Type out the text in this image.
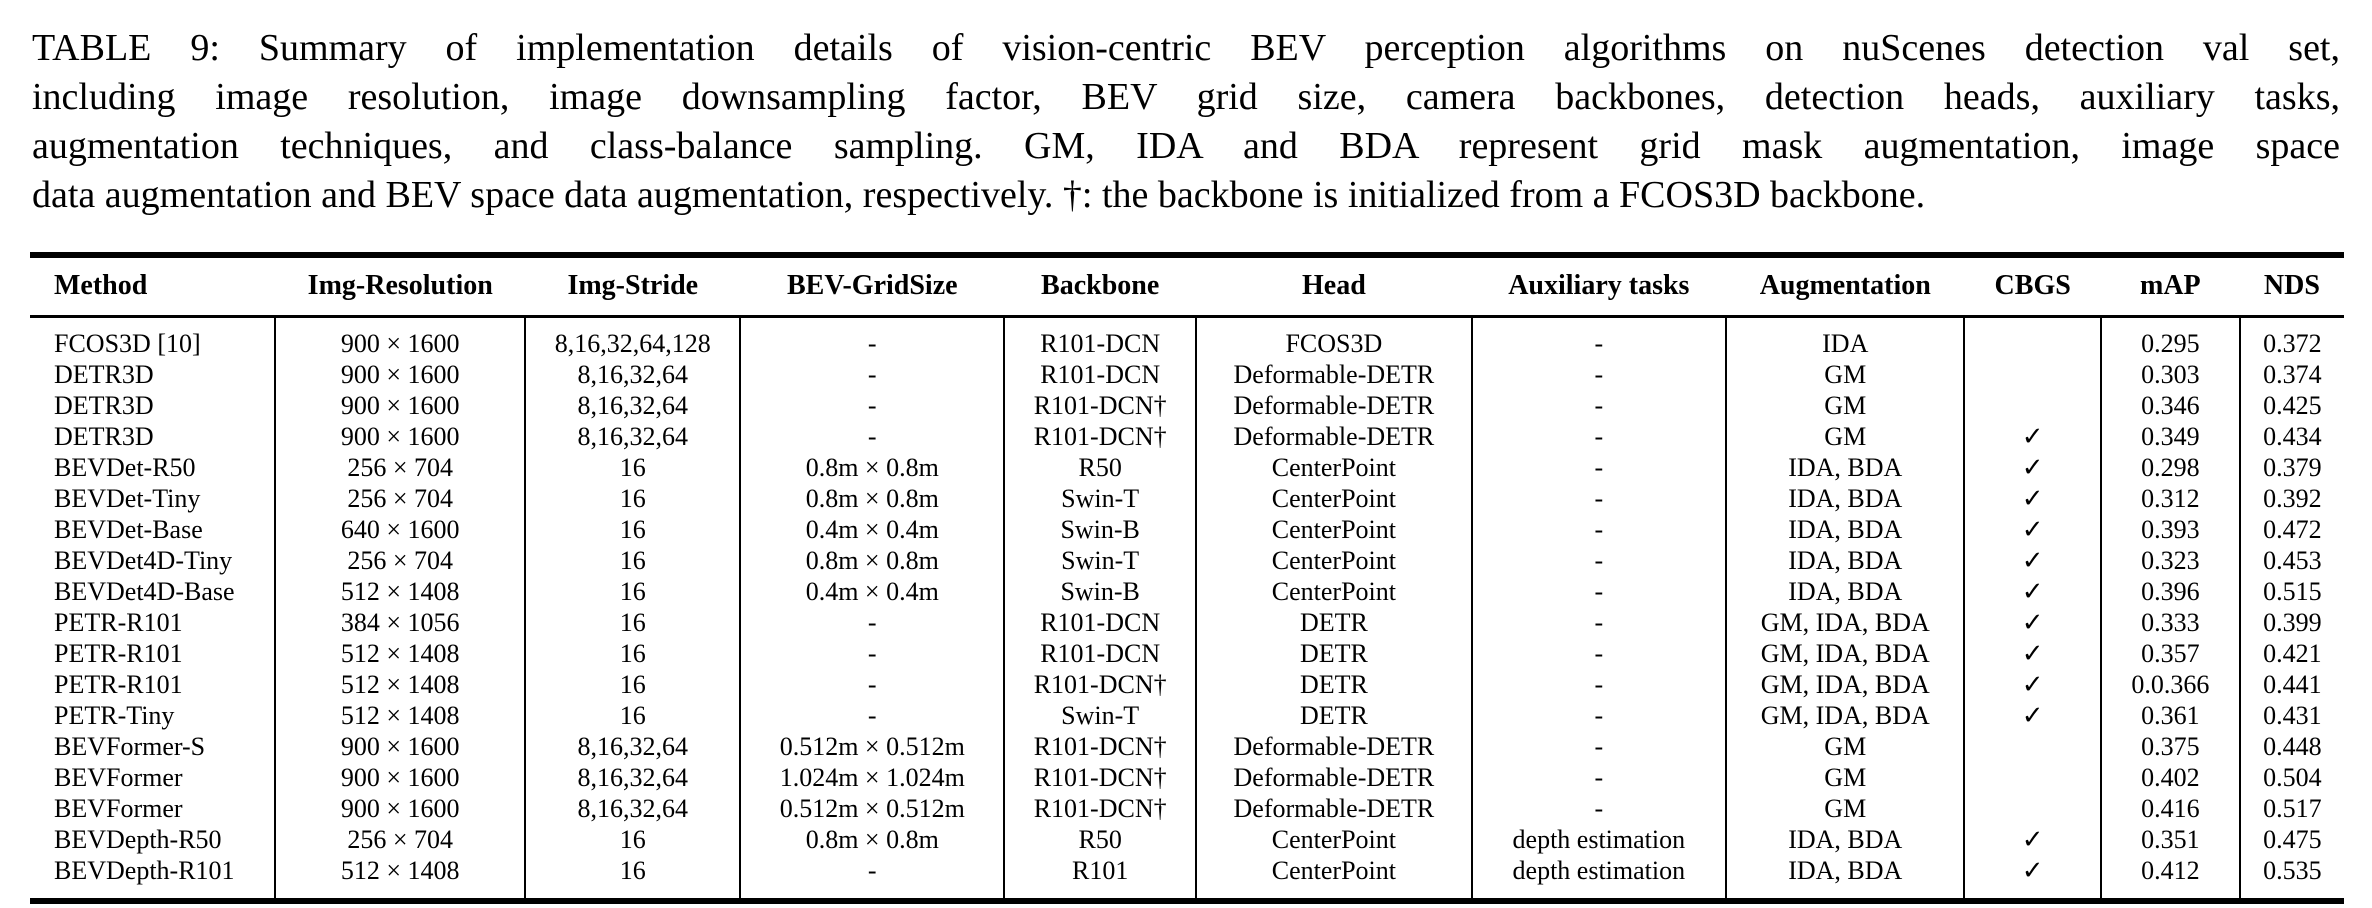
TABLE 9: Summary of implementation details of vision-centric BEV perception algorithms on nuScenes detection val set,

including image resolution, image downsampling factor, BEV grid size, camera backbones, detection heads, auxiliary tasks,

augmentation techniques, and class-balance sampling. GM, IDA and BDA represent grid mask augmentation, image space

data augmentation and BEV space data augmentation, respectively. †: the backbone is initialized from a FCOS3D backbone.

Method	Img-Resolution	Img-Stride	BEV-GridSize	Backbone	Head	Auxiliary tasks	Augmentation	CBGS	mAP	NDS
FCOS3D [10]	900 × 1600	8,16,32,64,128	-	R101-DCN	FCOS3D	-	IDA		0.295	0.372
DETR3D	900 × 1600	8,16,32,64	-	R101-DCN	Deformable-DETR	-	GM		0.303	0.374
DETR3D	900 × 1600	8,16,32,64	-	R101-DCN†	Deformable-DETR	-	GM		0.346	0.425
DETR3D	900 × 1600	8,16,32,64	-	R101-DCN†	Deformable-DETR	-	GM	✓	0.349	0.434
BEVDet-R50	256 × 704	16	0.8m × 0.8m	R50	CenterPoint	-	IDA, BDA	✓	0.298	0.379
BEVDet-Tiny	256 × 704	16	0.8m × 0.8m	Swin-T	CenterPoint	-	IDA, BDA	✓	0.312	0.392
BEVDet-Base	640 × 1600	16	0.4m × 0.4m	Swin-B	CenterPoint	-	IDA, BDA	✓	0.393	0.472
BEVDet4D-Tiny	256 × 704	16	0.8m × 0.8m	Swin-T	CenterPoint	-	IDA, BDA	✓	0.323	0.453
BEVDet4D-Base	512 × 1408	16	0.4m × 0.4m	Swin-B	CenterPoint	-	IDA, BDA	✓	0.396	0.515
PETR-R101	384 × 1056	16	-	R101-DCN	DETR	-	GM, IDA, BDA	✓	0.333	0.399
PETR-R101	512 × 1408	16	-	R101-DCN	DETR	-	GM, IDA, BDA	✓	0.357	0.421
PETR-R101	512 × 1408	16	-	R101-DCN†	DETR	-	GM, IDA, BDA	✓	0.0.366	0.441
PETR-Tiny	512 × 1408	16	-	Swin-T	DETR	-	GM, IDA, BDA	✓	0.361	0.431
BEVFormer-S	900 × 1600	8,16,32,64	0.512m × 0.512m	R101-DCN†	Deformable-DETR	-	GM		0.375	0.448
BEVFormer	900 × 1600	8,16,32,64	1.024m × 1.024m	R101-DCN†	Deformable-DETR	-	GM		0.402	0.504
BEVFormer	900 × 1600	8,16,32,64	0.512m × 0.512m	R101-DCN†	Deformable-DETR	-	GM		0.416	0.517
BEVDepth-R50	256 × 704	16	0.8m × 0.8m	R50	CenterPoint	depth estimation	IDA, BDA	✓	0.351	0.475
BEVDepth-R101	512 × 1408	16	-	R101	CenterPoint	depth estimation	IDA, BDA	✓	0.412	0.535
